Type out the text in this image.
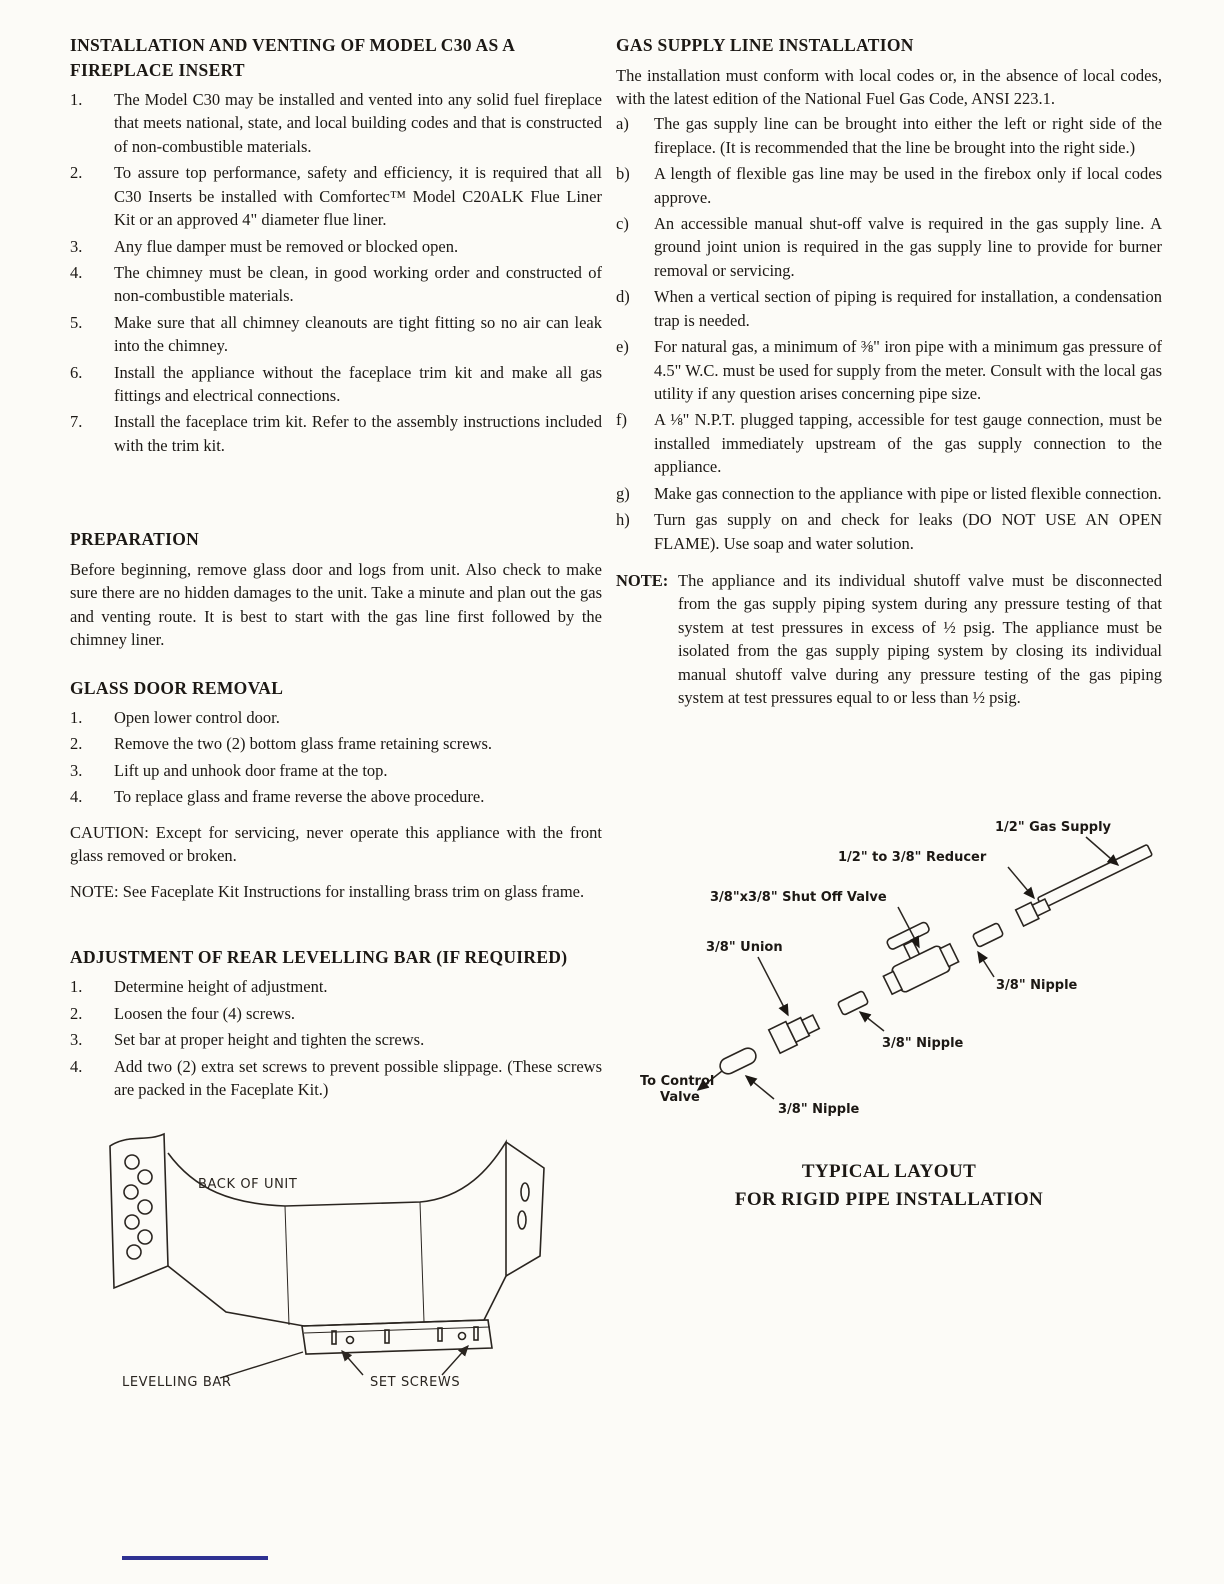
INSTALLATION AND VENTING OF MODEL C30 AS A FIREPLACE INSERT
1.	The Model C30 may be installed and vented into any solid fuel fireplace that meets national, state, and local building codes and that is constructed of non-combustible materials.
2.	To assure top performance, safety and efficiency, it is required that all C30 Inserts be installed with Comfortec™ Model C20ALK Flue Liner Kit or an approved 4" diameter flue liner.
3.	Any flue damper must be removed or blocked open.
4.	The chimney must be clean, in good working order and constructed of non-combustible materials.
5.	Make sure that all chimney cleanouts are tight fitting so no air can leak into the chimney.
6.	Install the appliance without the faceplace trim kit and make all gas fittings and electrical connections.
7.	Install the faceplace trim kit. Refer to the assembly instructions included with the trim kit.
PREPARATION

Before beginning, remove glass door and logs from unit. Also check to make sure there are no hidden damages to the unit. Take a minute and plan out the gas and venting route. It is best to start with the gas line first followed by the chimney liner.

GLASS DOOR REMOVAL
1.	Open lower control door.
2.	Remove the two (2) bottom glass frame retaining screws.
3.	Lift up and unhook door frame at the top.
4.	To replace glass and frame reverse the above procedure.

CAUTION: Except for servicing, never operate this appliance with the front glass removed or broken.

NOTE: See Faceplate Kit Instructions for installing brass trim on glass frame.

ADJUSTMENT OF REAR LEVELLING BAR (IF REQUIRED)
1.	Determine height of adjustment.
2.	Loosen the four (4) screws.
3.	Set bar at proper height and tighten the screws.
4.	Add two (2) extra set screws to prevent possible slippage. (These screws are packed in the Faceplate Kit.)
BACK OF UNIT
LEVELLING BAR	SET SCREWS
GAS SUPPLY LINE INSTALLATION

The installation must conform with local codes or, in the absence of local codes, with the latest edition of the National Fuel Gas Code, ANSI 223.1.

a)	The gas supply line can be brought into either the left or right side of the fireplace. (It is recommended that the line be brought into the right side.)
b)	A length of flexible gas line may be used in the firebox only if local codes approve.
c)	An accessible manual shut-off valve is required in the gas supply line. A ground joint union is required in the gas supply line to provide for burner removal or servicing.
d)	When a vertical section of piping is required for installation, a condensation trap is needed.
e)	For natural gas, a minimum of ⅜" iron pipe with a minimum gas pressure of 4.5" W.C. must be used for supply from the meter. Consult with the local gas utility if any question arises concerning pipe size.
f)	A ⅛" N.P.T. plugged tapping, accessible for test gauge connection, must be installed immediately upstream of the gas supply connection to the appliance.
g)	Make gas connection to the appliance with pipe or listed flexible connection.
h)	Turn gas supply on and check for leaks (DO NOT USE AN OPEN FLAME). Use soap and water solution.
NOTE: The appliance and its individual shutoff valve must be disconnected from the gas supply piping system during any pressure testing of that system at test pressures in excess of ½ psig. The appliance must be isolated from the gas supply piping system by closing its individual manual shutoff valve during any pressure testing of the gas piping system at test pressures equal to or less than ½ psig.
1/2" Gas Supply
1/2" to 3/8" Reducer
3/8"x3/8" Shut Off Valve
3/8" Union
3/8" Nipple
3/8" Nipple
To Control
Valve
3/8" Nipple
TYPICAL LAYOUT
FOR RIGID PIPE INSTALLATION
